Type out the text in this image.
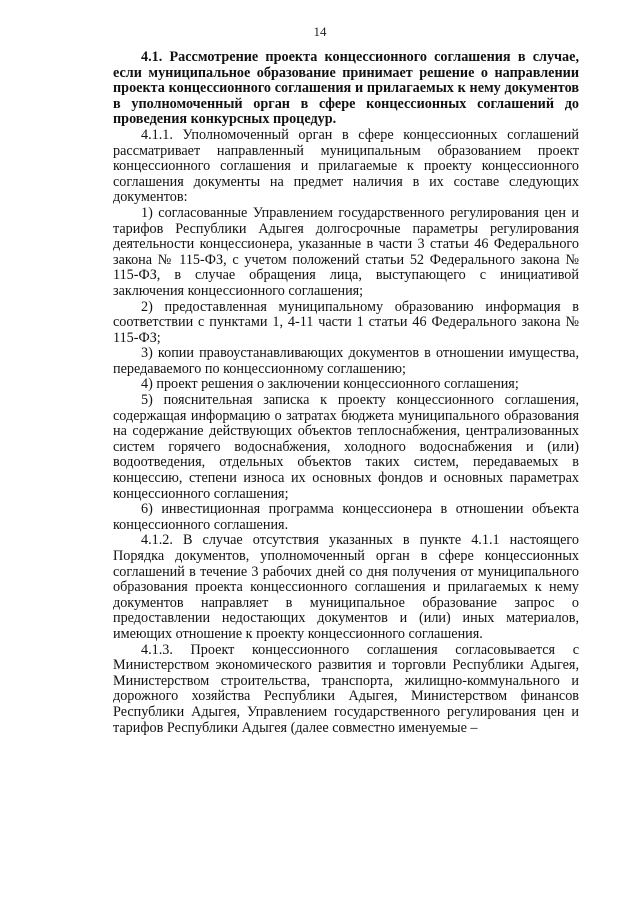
14

4.1. Рассмотрение проекта концессионного соглашения в случае, если муниципальное образование принимает решение о направлении проекта концессионного соглашения и прилагаемых к нему документов в уполномоченный орган в сфере концессионных соглашений до проведения конкурсных процедур.

4.1.1. Уполномоченный орган в сфере концессионных соглашений рассматривает направленный муниципальным образованием проект концессионного соглашения и прилагаемые к проекту концессионного соглашения документы на предмет наличия в их составе следующих документов:

1) согласованные Управлением государственного регулирования цен и тарифов Республики Адыгея долгосрочные параметры регулирования деятельности концессионера, указанные в части 3 статьи 46 Федерального закона № 115-ФЗ, с учетом положений статьи 52 Федерального закона № 115-ФЗ, в случае обращения лица, выступающего с инициативой заключения концессионного соглашения;

2) предоставленная муниципальному образованию информация в соответствии с пунктами 1, 4-11 части 1 статьи 46 Федерального закона № 115-ФЗ;

3) копии правоустанавливающих документов в отношении имущества, передаваемого по концессионному соглашению;

4) проект решения о заключении концессионного соглашения;

5) пояснительная записка к проекту концессионного соглашения, содержащая информацию о затратах бюджета муниципального образования на содержание действующих объектов теплоснабжения, централизованных систем горячего водоснабжения, холодного водоснабжения и (или) водоотведения, отдельных объектов таких систем, передаваемых в концессию, степени износа их основных фондов и основных параметрах концессионного соглашения;

6) инвестиционная программа концессионера в отношении объекта концессионного соглашения.

4.1.2. В случае отсутствия указанных в пункте 4.1.1 настоящего Порядка документов, уполномоченный орган в сфере концессионных соглашений в течение 3 рабочих дней со дня получения от муниципального образования проекта концессионного соглашения и прилагаемых к нему документов направляет в муниципальное образование запрос о предоставлении недостающих документов и (или) иных материалов, имеющих отношение к проекту концессионного соглашения.

4.1.3. Проект концессионного соглашения согласовывается с Министерством экономического развития и торговли Республики Адыгея, Министерством строительства, транспорта, жилищно-коммунального и дорожного хозяйства Республики Адыгея, Министерством финансов Республики Адыгея, Управлением государственного регулирования цен и тарифов Республики Адыгея (далее совместно именуемые –
